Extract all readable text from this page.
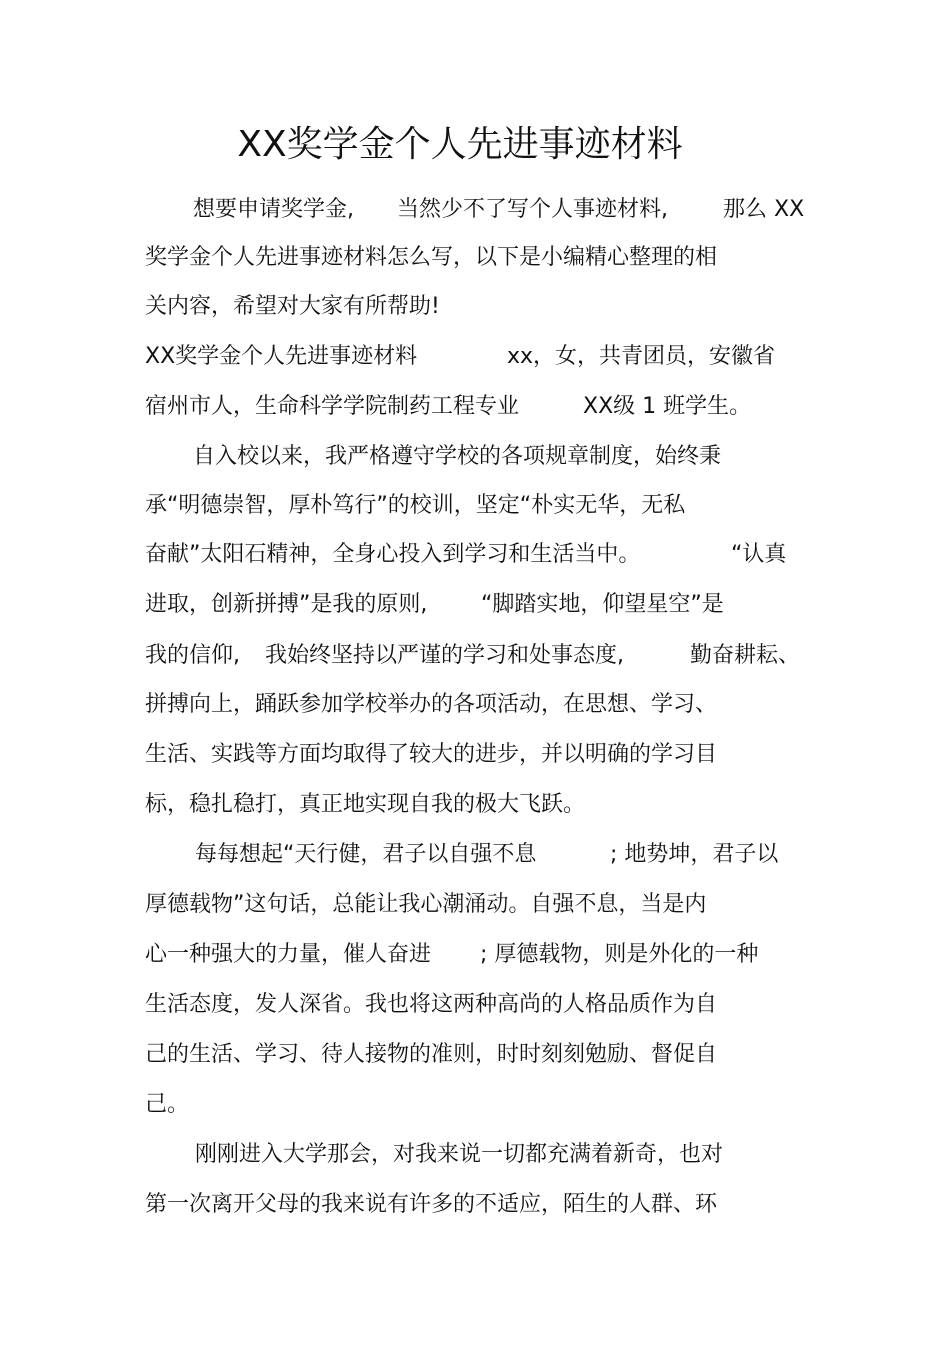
XX奖学金个人先进事迹材料
想要申请奖学金, 当然少不了写个人事迹材料,	那么 XX
奖学金个人先进事迹材料怎么写，以下是小编精心整理的相
关内容，希望对大家有所帮助!
XX奖学金个人先进事迹材料	xx，女，共青团员，安徽省
宿州市人，生命科学学院制药工程专业	XX级 1 班学生。
自入校以来，我严格遵守学校的各项规章制度，始终秉
承“明德崇智，厚朴笃行”的校训，坚定“朴实无华，无私
奋献”太阳石精神，全身心投入到学习和生活当中。	“认真
进取，创新拼搏”是我的原则, “脚踏实地，仰望星空”是
我的信仰, 我始终坚持以严谨的学习和处事态度,	勤奋耕耘、
拼搏向上，踊跃参加学校举办的各项活动，在思想、学习、
生活、实践等方面均取得了较大的进步，并以明确的学习目
标，稳扎稳打，真正地实现自我的极大飞跃。
每每想起“天行健，君子以自强不息	; 地势坤，君子以
厚德载物”这句话，总能让我心潮涌动。自强不息，当是内
心一种强大的力量，催人奋进 ; 厚德载物，则是外化的一种
生活态度，发人深省。我也将这两种高尚的人格品质作为自
己的生活、学习、待人接物的准则，时时刻刻勉励、督促自
己。
刚刚进入大学那会，对我来说一切都充满着新奇，也对
第一次离开父母的我来说有许多的不适应，陌生的人群、环
